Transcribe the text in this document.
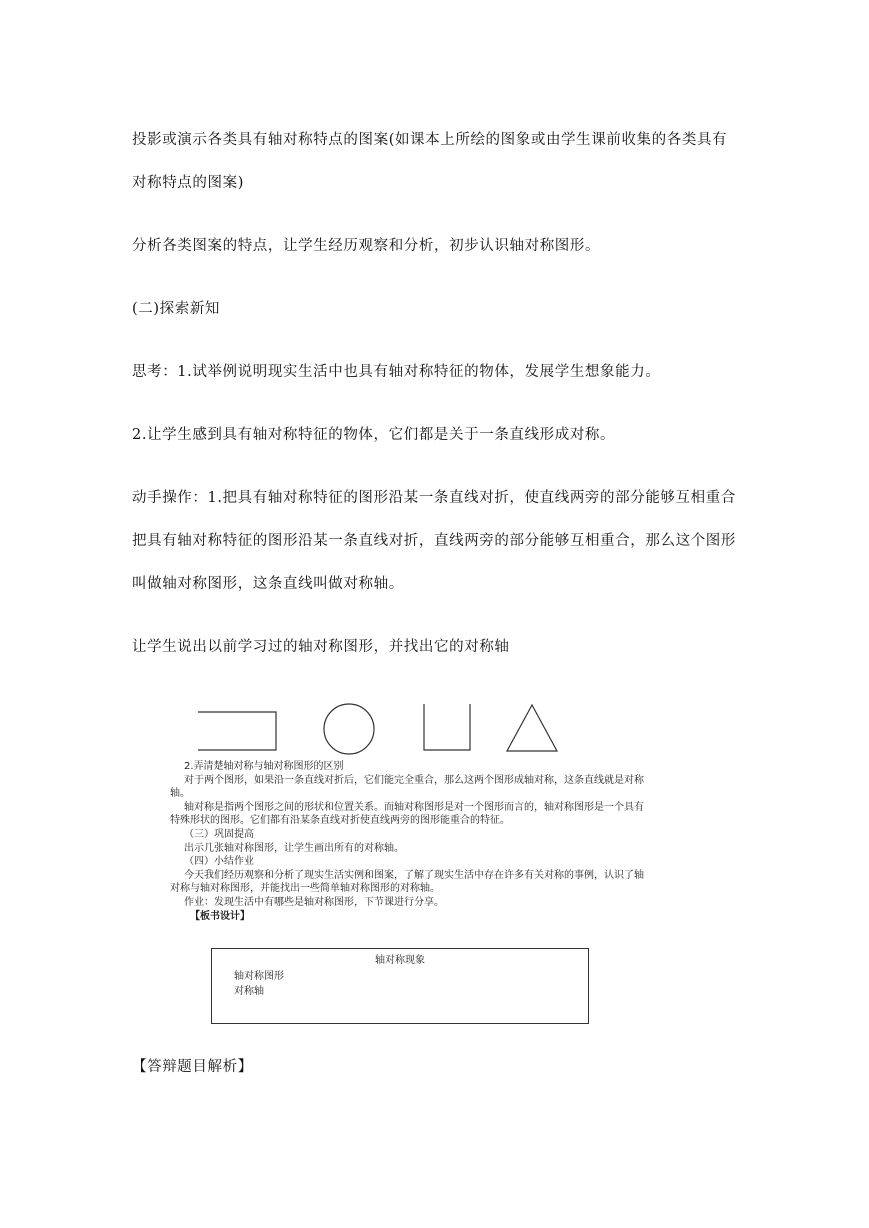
投影或演示各类具有轴对称特点的图案(如课本上所绘的图象或由学生课前收集的各类具有
对称特点的图案)
分析各类图案的特点，让学生经历观察和分析，初步认识轴对称图形。
(二)探索新知
思考：1.试举例说明现实生活中也具有轴对称特征的物体，发展学生想象能力。
2.让学生感到具有轴对称特征的物体，它们都是关于一条直线形成对称。
动手操作：1.把具有轴对称特征的图形沿某一条直线对折，使直线两旁的部分能够互相重合
把具有轴对称特征的图形沿某一条直线对折，直线两旁的部分能够互相重合，那么这个图形
叫做轴对称图形，这条直线叫做对称轴。
让学生说出以前学习过的轴对称图形，并找出它的对称轴

2.弄清楚轴对称与轴对称图形的区别

对于两个图形，如果沿一条直线对折后，它们能完全重合，那么这两个图形成轴对称，这条直线就是对称

轴。

轴对称是指两个图形之间的形状和位置关系。而轴对称图形是对一个图形而言的，轴对称图形是一个具有

特殊形状的图形。它们都有沿某条直线对折使直线两旁的图形能重合的特征。

（三）巩固提高

出示几张轴对称图形，让学生画出所有的对称轴。

（四）小结作业

今天我们经历观察和分析了现实生活实例和图案，了解了现实生活中存在许多有关对称的事例，认识了轴

对称与轴对称图形，并能找出一些简单轴对称图形的对称轴。

作业：发现生活中有哪些是轴对称图形，下节课进行分享。

【板书设计】

轴对称现象
轴对称图形
对称轴
【答辩题目解析】
